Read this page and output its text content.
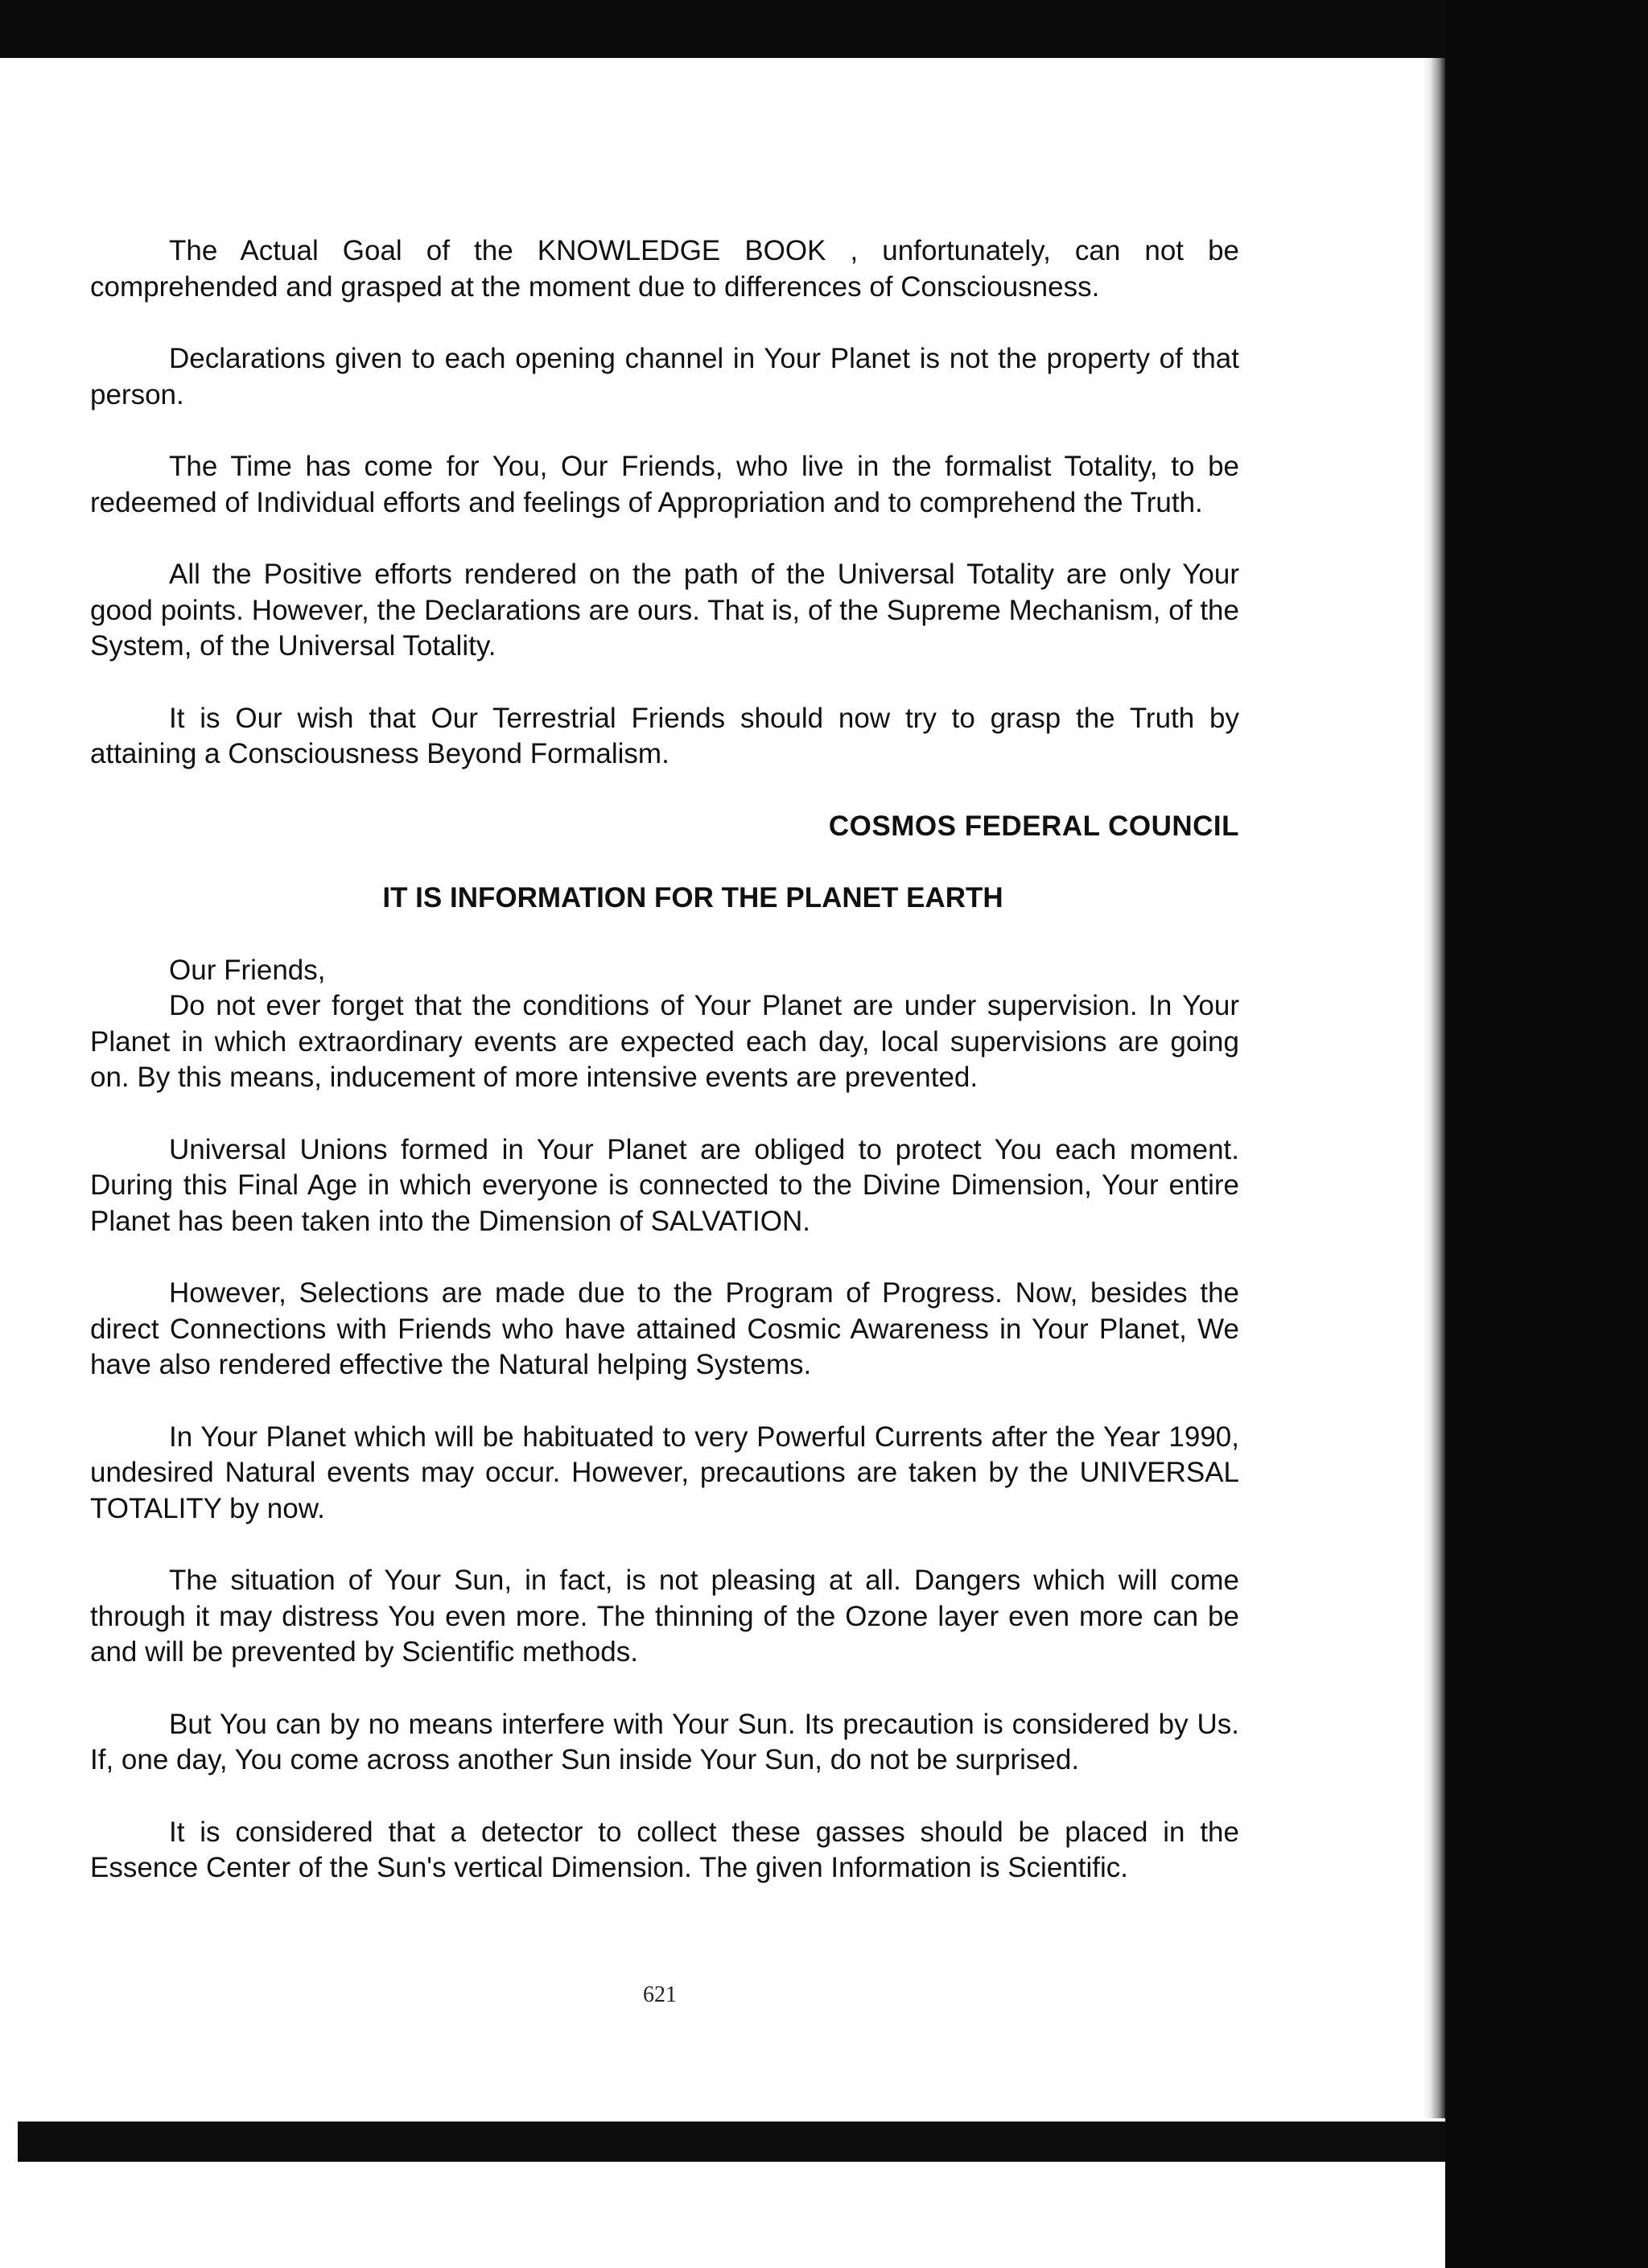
The Actual Goal of the KNOWLEDGE BOOK , unfortunately, can not be comprehended and grasped at the moment due to differences of Consciousness.

Declarations given to each opening channel in Your Planet is not the property of that person.

The Time has come for You, Our Friends, who live in the formalist Totality, to be redeemed of Individual efforts and feelings of Appropriation and to comprehend the Truth.

All the Positive efforts rendered on the path of the Universal Totality are only Your good points. However, the Declarations are ours. That is, of the Supreme Mechanism, of the System, of the Universal Totality.

It is Our wish that Our Terrestrial Friends should now try to grasp the Truth by attaining a Consciousness Beyond Formalism.

COSMOS FEDERAL COUNCIL

IT IS INFORMATION FOR THE PLANET EARTH

Our Friends,

Do not ever forget that the conditions of Your Planet are under supervision. In Your Planet in which extraordinary events are expected each day, local supervisions are going on. By this means, inducement of more intensive events are prevented.

Universal Unions formed in Your Planet are obliged to protect You each moment. During this Final Age in which everyone is connected to the Divine Dimension, Your entire Planet has been taken into the Dimension of SALVATION.

However, Selections are made due to the Program of Progress. Now, besides the direct Connections with Friends who have attained Cosmic Awareness in Your Planet, We have also rendered effective the Natural helping Systems.

In Your Planet which will be habituated to very Powerful Currents after the Year 1990, undesired Natural events may occur. However, precautions are taken by the UNIVERSAL TOTALITY by now.

The situation of Your Sun, in fact, is not pleasing at all. Dangers which will come through it may distress You even more. The thinning of the Ozone layer even more can be and will be prevented by Scientific methods.

But You can by no means interfere with Your Sun. Its precaution is considered by Us. If, one day, You come across another Sun inside Your Sun, do not be surprised.

It is considered that a detector to collect these gasses should be placed in the Essence Center of the Sun's vertical Dimension. The given Information is Scientific.

621
